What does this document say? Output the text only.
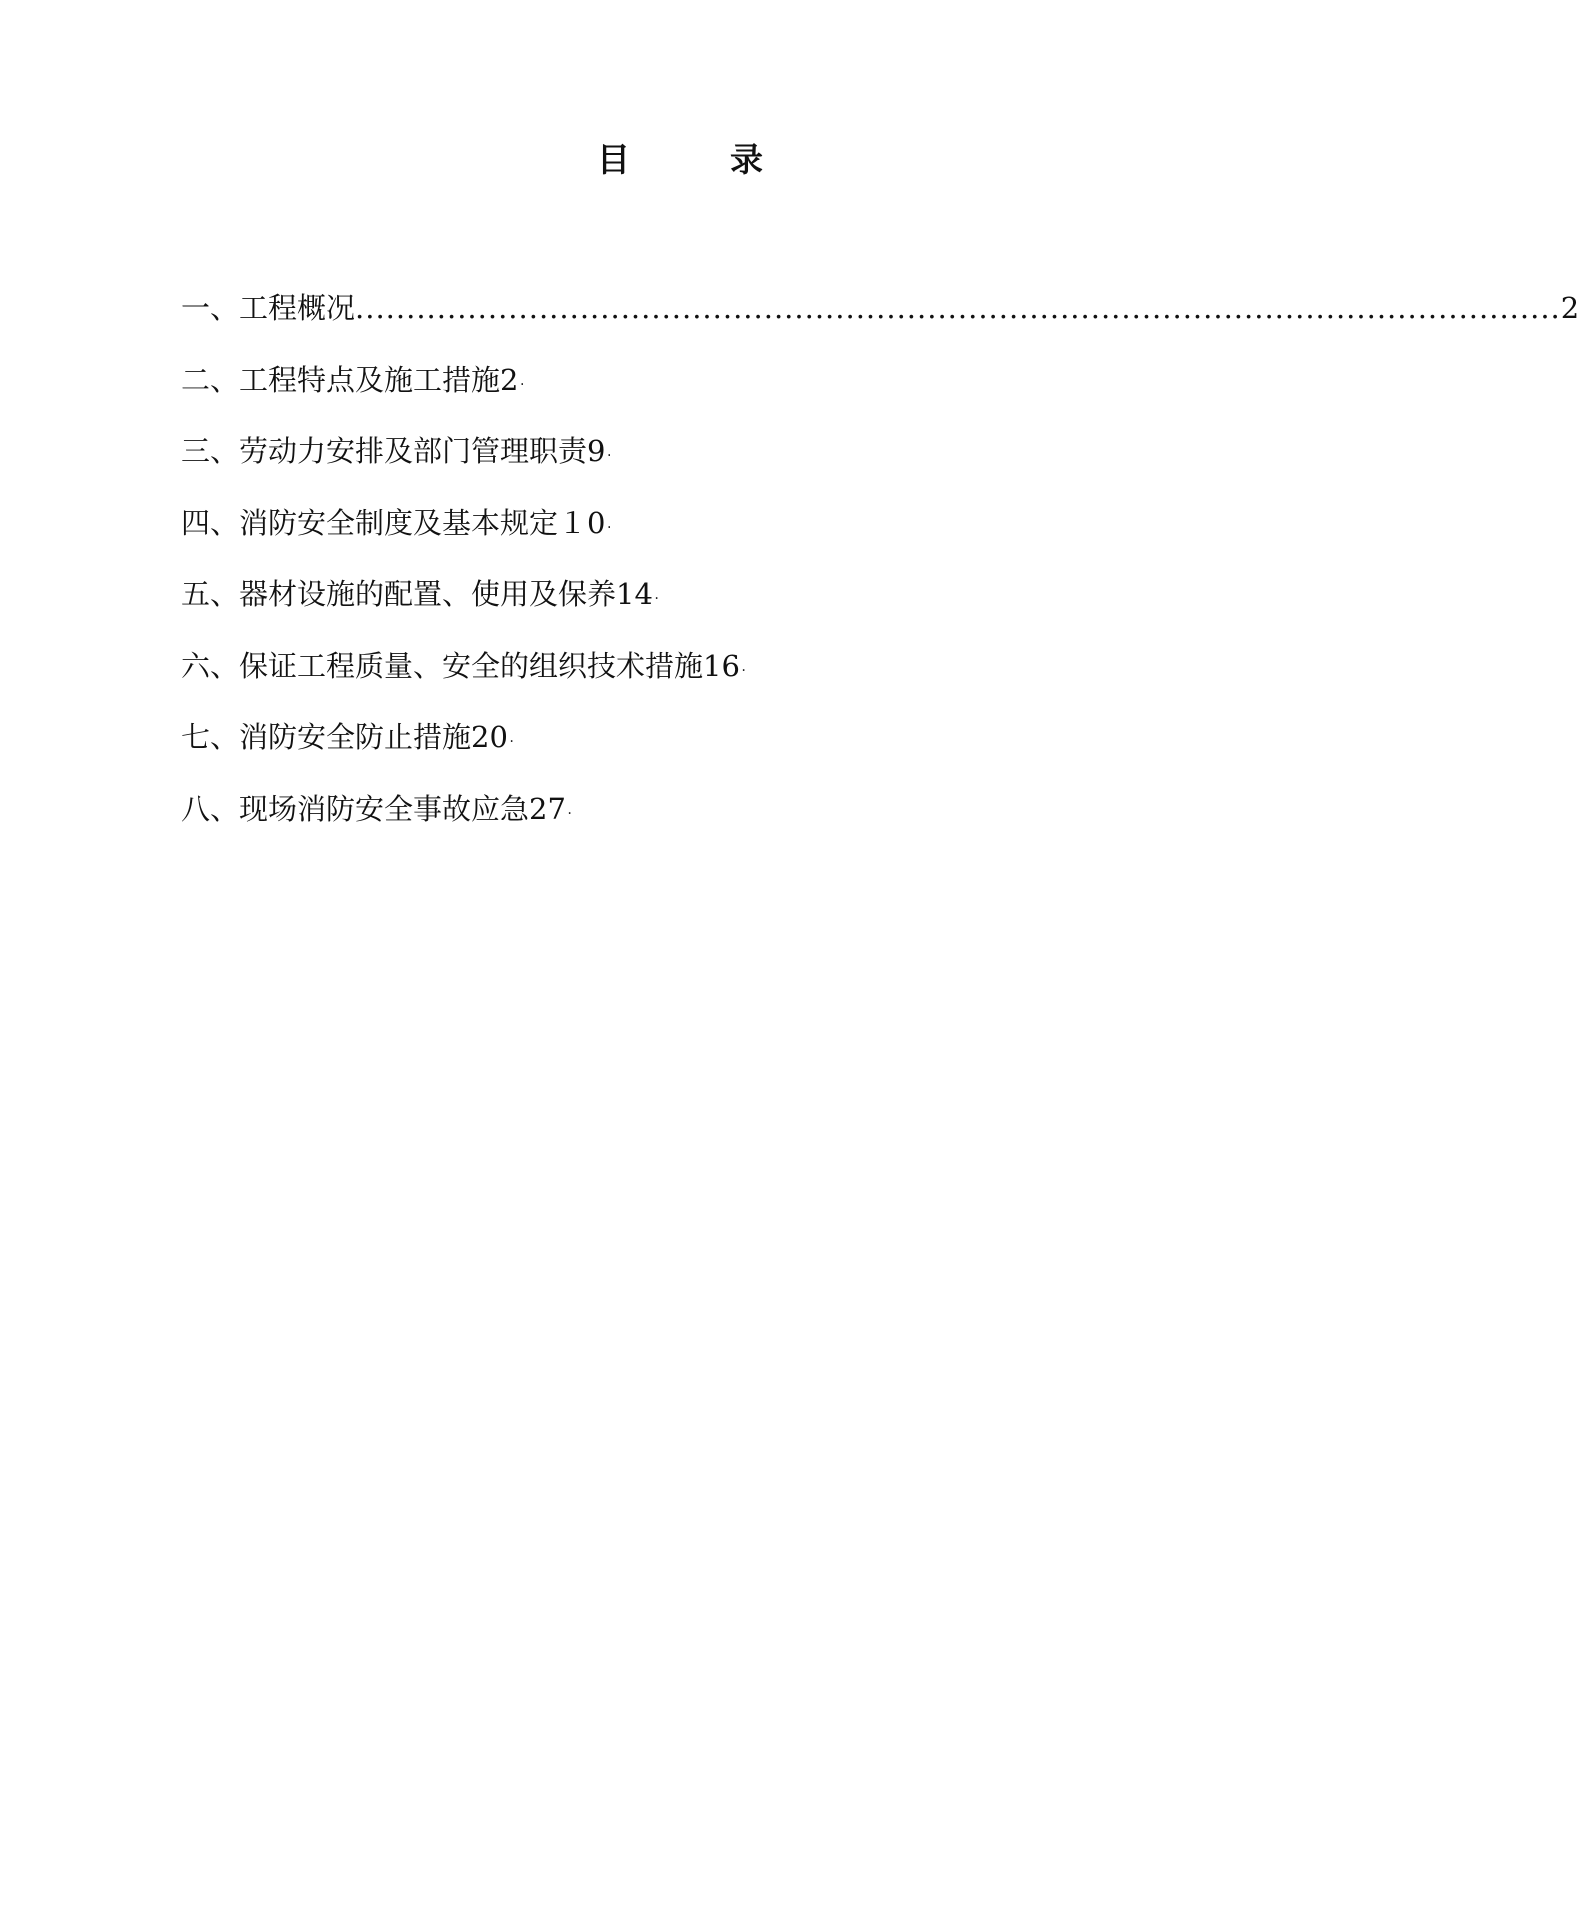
目	录
一、工程概况 ...................................................................................................................... 2
二、工程特点及施工措施 2 ۰
三、劳动力安排及部门管理职责 9 ۰
四、消防安全制度及基本规定 １0 ۰
五、器材设施的配置、使用及保养 14 ۰
六、保证工程质量、安全的组织技术措施 16 ۰
七、消防安全防止措施 20 ۰
八、现场消防安全事故应急 27 ۰
